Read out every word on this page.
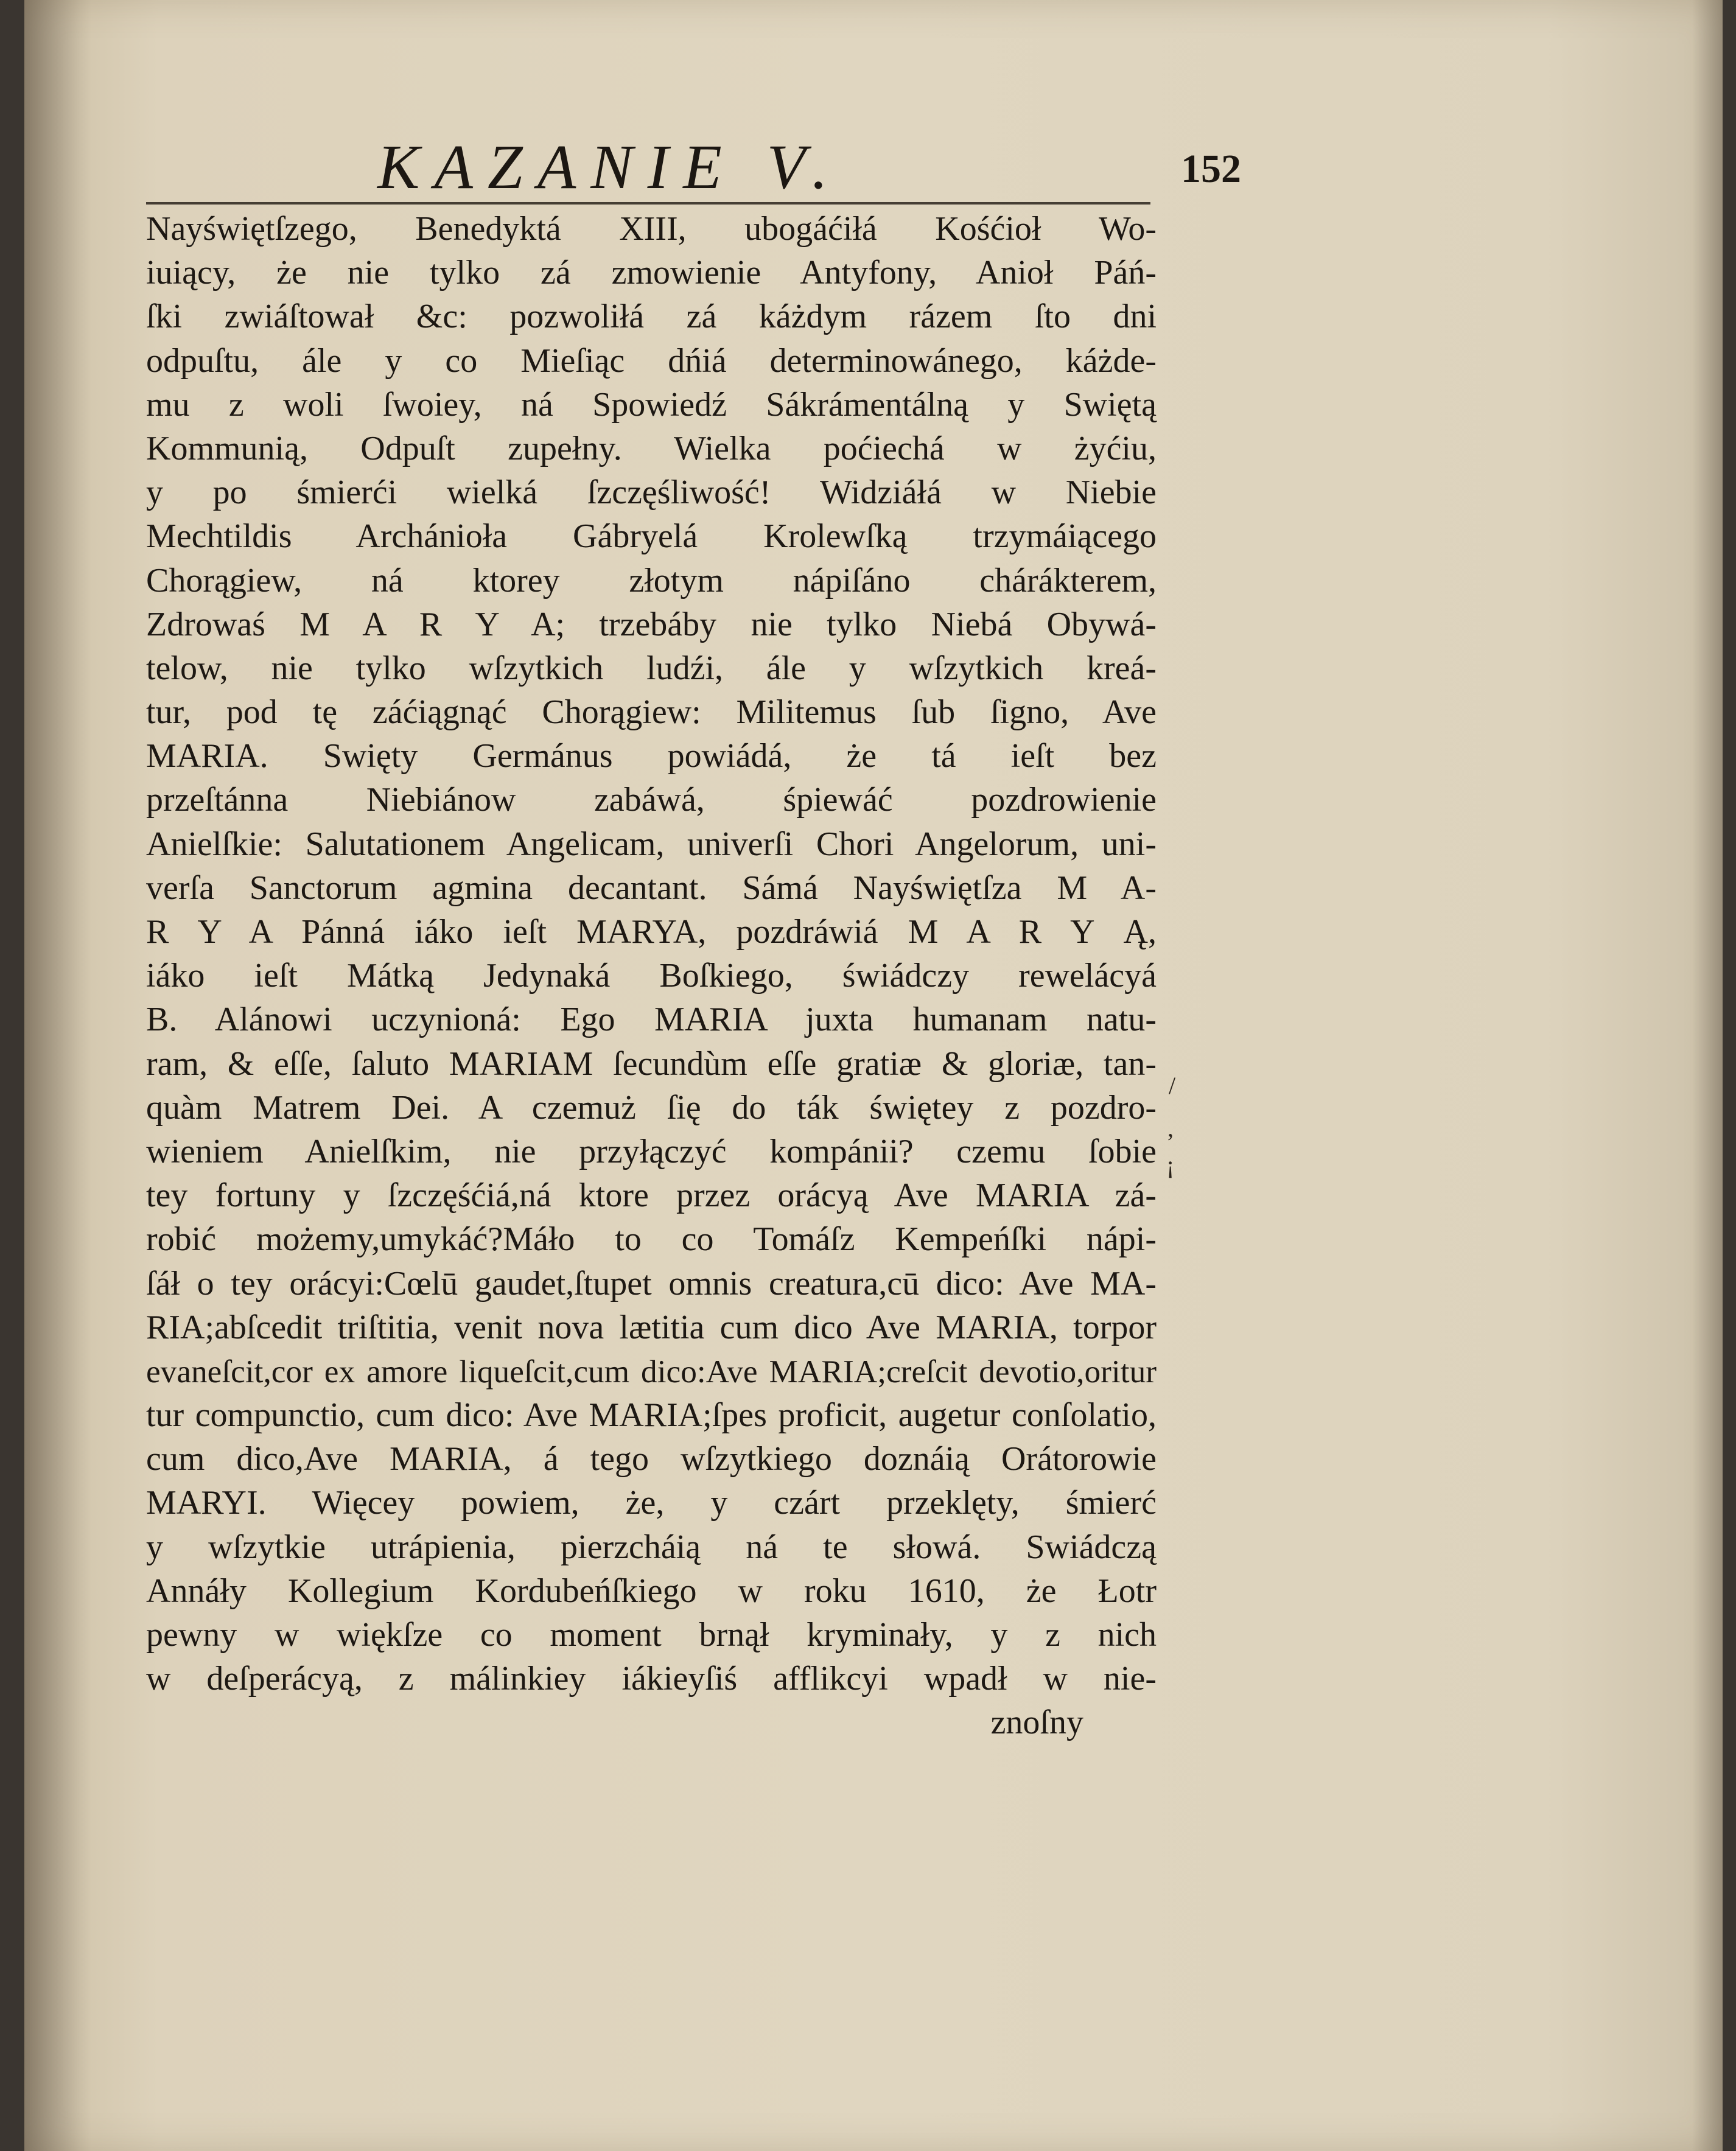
KAZANIE V.	152
Nayświętſzego, Benedyktá XIII, ubogáćiłá Kośćioł Wo-
iuiący, że nie tylko zá zmowienie Antyfony, Anioł Páń-
ſki zwiáſtował &c: pozwoliłá zá káżdym rázem ſto dni
odpuſtu, ále y co Mieſiąc dńiá determinowánego, káżde-
mu z woli ſwoiey, ná Spowiedź Sákrámentálną y Swiętą
Kommunią, Odpuſt zupełny. Wielka poćiechá w żyćiu,
y po śmierći wielká ſzczęśliwość! Widziáłá w Niebie
Mechtildis Archánioła Gábryelá Krolewſką trzymáiącego
Chorągiew, ná ktorey złotym nápiſáno chárákterem,
Zdrowaś M A R Y A; trzebáby nie tylko Niebá Obywá-
telow, nie tylko wſzytkich ludźi, ále y wſzytkich kreá-
tur, pod tę záćiągnąć Chorągiew: Militemus ſub ſigno, Ave
MARIA. Swięty Germánus powiádá, że tá ieſt bez
przeſtánna Niebiánow zabáwá, śpiewáć pozdrowienie
Anielſkie: Salutationem Angelicam, univerſi Chori Angelorum, uni-
verſa Sanctorum agmina decantant. Sámá Nayświętſza M A-
R Y A Pánná iáko ieſt MARYA, pozdráwiá M A R Y Ą,
iáko ieſt Mátką Jedynaká Boſkiego, świádczy rewelácyá
B. Alánowi uczynioná: Ego MARIA juxta humanam natu-
ram, & eſſe, ſaluto MARIAM ſecundùm eſſe gratiæ & gloriæ, tan-
quàm Matrem Dei. A czemuż ſię do ták świętey z pozdro-
wieniem Anielſkim, nie przyłączyć kompánii? czemu ſobie
tey fortuny y ſzczęśćiá,ná ktore przez orácyą Ave MARIA zá-
robić możemy,umykáć?Máło to co Tomáſz Kempeńſki nápi-
ſáł o tey orácyi:Cœlū gaudet,ſtupet omnis creatura,cū dico: Ave MA-
RIA;abſcedit triſtitia, venit nova lætitia cum dico Ave MARIA, torpor
evaneſcit,cor ex amore liqueſcit,cum dico:Ave MARIA;creſcit devotio,oritur
tur compunctio, cum dico: Ave MARIA;ſpes proficit, augetur conſolatio,
cum dico,Ave MARIA, á tego wſzytkiego doznáią Orátorowie
MARYI. Więcey powiem, że, y czárt przeklęty, śmierć
y wſzytkie utrápienia, pierzcháią ná te słowá. Swiádczą
Annáły Kollegium Kordubeńſkiego w roku 1610, że Łotr
pewny w więkſze co moment brnął kryminały, y z nich
w deſperácyą, z málinkiey iákieyſiś afflikcyi wpadł w nie-
znoſny
/
,
¡
